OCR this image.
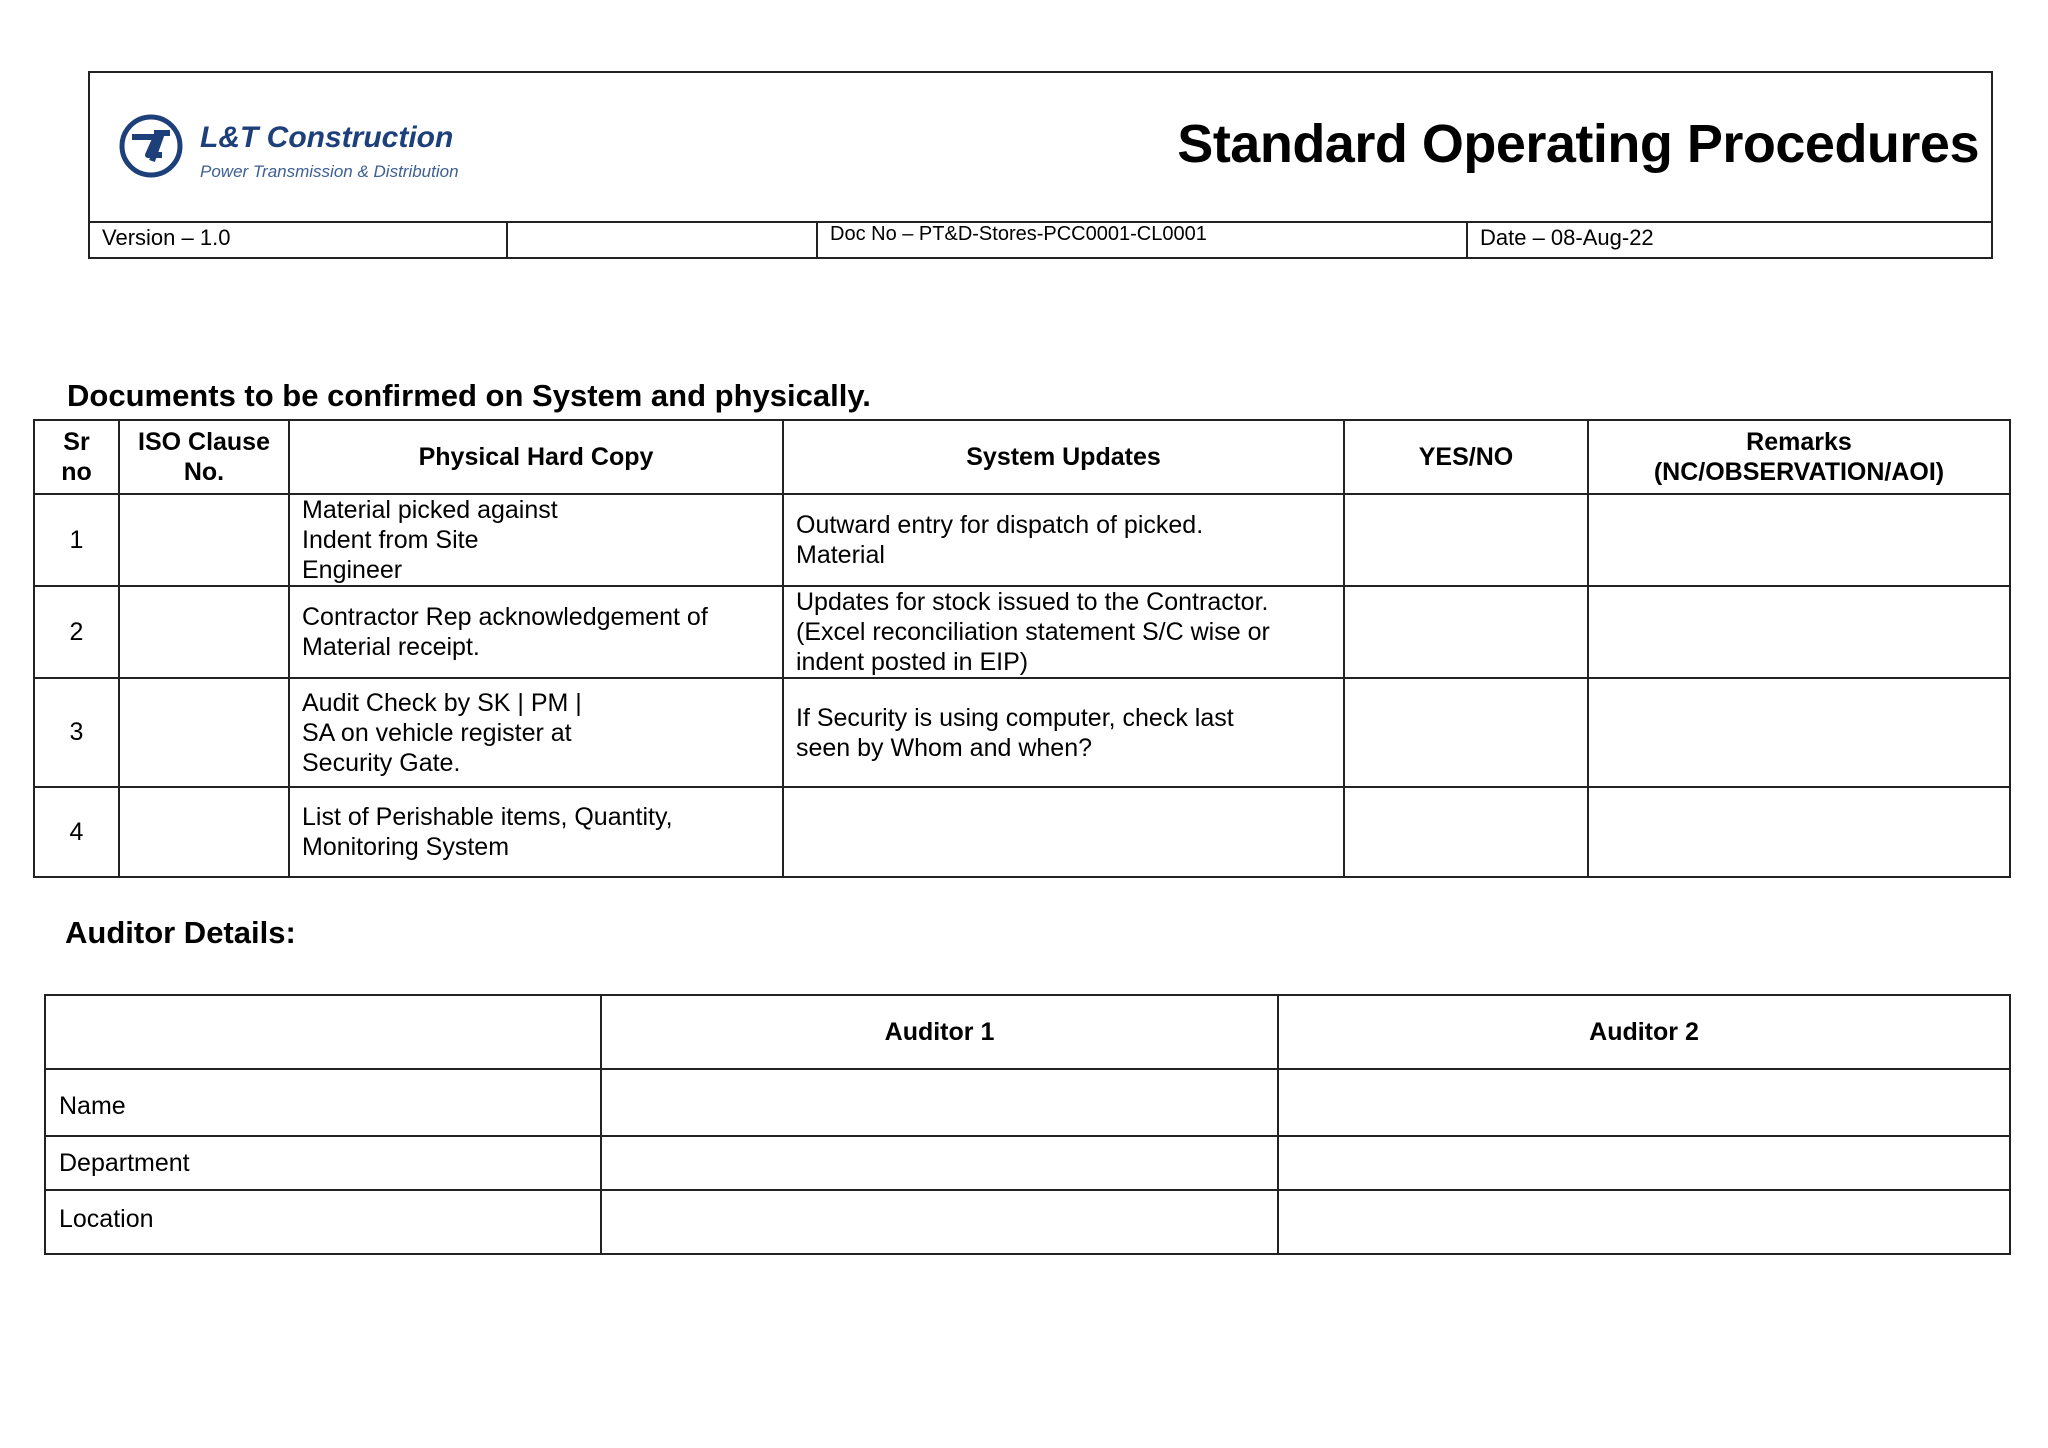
L&T Construction
Power Transmission & Distribution	Standard Operating Procedures
Version – 1.0	Doc No – PT&D-Stores-PCC0001-CL0001	Date – 08-Aug-22
Documents to be confirmed on System and physically.
Sr
no	ISO Clause
No.	Physical Hard Copy	System Updates	YES/NO	Remarks
(NC/OBSERVATION/AOI)

1		Material picked against
Indent from Site
Engineer	Outward entry for dispatch of picked.
Material		

2		Contractor Rep acknowledgement of
Material receipt.	Updates for stock issued to the Contractor.
(Excel reconciliation statement S/C wise or
indent posted in EIP)		

3		Audit Check by SK | PM |
SA on vehicle register at
Security Gate.	If Security is using computer, check last
seen by Whom and when?		

4		List of Perishable items, Quantity,
Monitoring System			

Auditor Details:
	Auditor 1	Auditor 2
Name		
Department		
Location		
